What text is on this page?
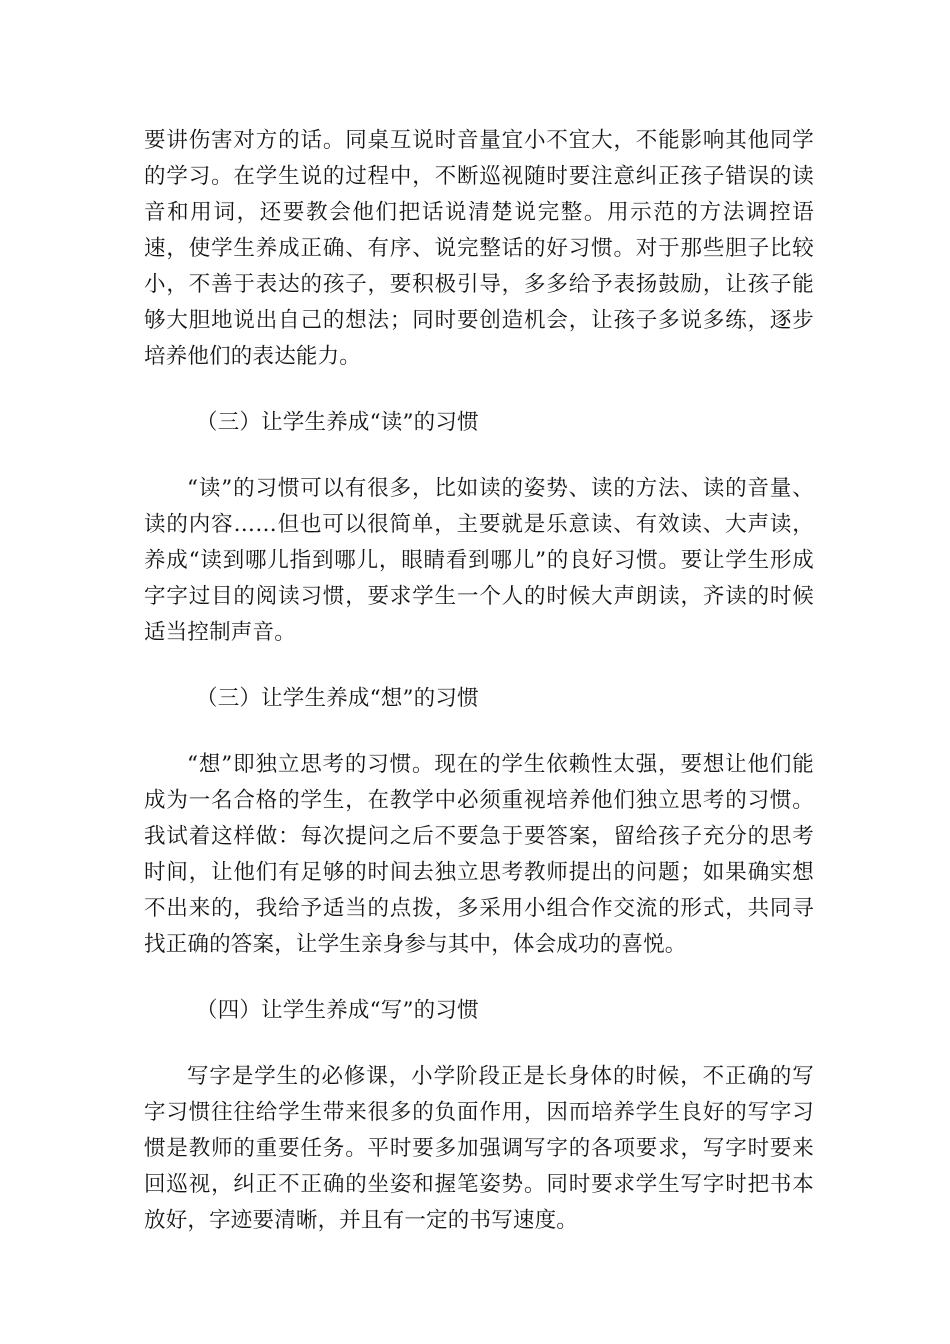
要讲伤害对方的话。同桌互说时音量宜小不宜大，不能影响其他同学的学习。在学生说的过程中，不断巡视随时要注意纠正孩子错误的读音和用词，还要教会他们把话说清楚说完整。用示范的方法调控语速，使学生养成正确、有序、说完整话的好习惯。对于那些胆子比较小，不善于表达的孩子，要积极引导，多多给予表扬鼓励，让孩子能够大胆地说出自己的想法；同时要创造机会，让孩子多说多练，逐步培养他们的表达能力。

（三）让学生养成“读”的习惯

“读”的习惯可以有很多，比如读的姿势、读的方法、读的音量、读的内容……但也可以很简单，主要就是乐意读、有效读、大声读，养成“读到哪儿指到哪儿，眼睛看到哪儿”的良好习惯。要让学生形成字字过目的阅读习惯，要求学生一个人的时候大声朗读，齐读的时候适当控制声音。

（三）让学生养成“想”的习惯

“想”即独立思考的习惯。现在的学生依赖性太强，要想让他们能成为一名合格的学生，在教学中必须重视培养他们独立思考的习惯。我试着这样做：每次提问之后不要急于要答案，留给孩子充分的思考时间，让他们有足够的时间去独立思考教师提出的问题；如果确实想不出来的，我给予适当的点拨，多采用小组合作交流的形式，共同寻找正确的答案，让学生亲身参与其中，体会成功的喜悦。

（四）让学生养成“写”的习惯

写字是学生的必修课，小学阶段正是长身体的时候，不正确的写字习惯往往给学生带来很多的负面作用，因而培养学生良好的写字习惯是教师的重要任务。平时要多加强调写字的各项要求，写字时要来回巡视，纠正不正确的坐姿和握笔姿势。同时要求学生写字时把书本放好，字迹要清晰，并且有一定的书写速度。
